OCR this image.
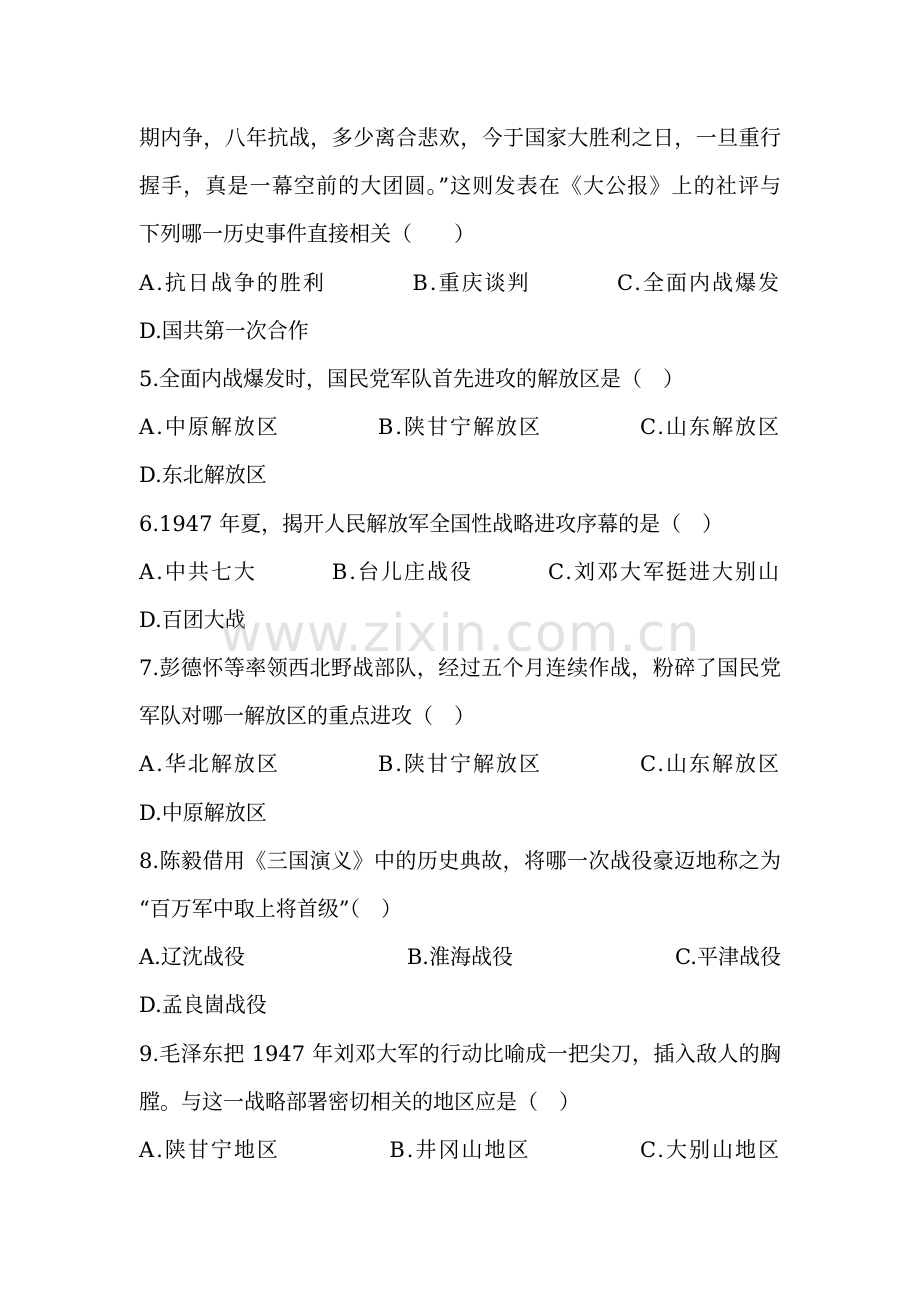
期内争，八年抗战，多少离合悲欢，今于国家大胜利之日，一旦重行
握手，真是一幕空前的大团圆。”这则发表在《大公报》上的社评与
下列哪一历史事件直接相关（　　）
A.抗日战争的胜利	B.重庆谈判	C.全面内战爆发
D.国共第一次合作
5.全面内战爆发时，国民党军队首先进攻的解放区是（　）
A.中原解放区	B.陕甘宁解放区	C.山东解放区
D.东北解放区
6.1947 年夏，揭开人民解放军全国性战略进攻序幕的是（　）
A.中共七大	B.台儿庄战役	C.刘邓大军挺进大别山
D.百团大战
7.彭德怀等率领西北野战部队，经过五个月连续作战，粉碎了国民党
军队对哪一解放区的重点进攻（　）
A.华北解放区	B.陕甘宁解放区	C.山东解放区
D.中原解放区
8.陈毅借用《三国演义》中的历史典故，将哪一次战役豪迈地称之为
“百万军中取上将首级”（　）
A.辽沈战役	B.淮海战役	C.平津战役
D.孟良崮战役
9.毛泽东把 1947 年刘邓大军的行动比喻成一把尖刀，插入敌人的胸
膛。与这一战略部署密切相关的地区应是（　）
A.陕甘宁地区	B.井冈山地区	C.大别山地区
www.zixin.com.cn
